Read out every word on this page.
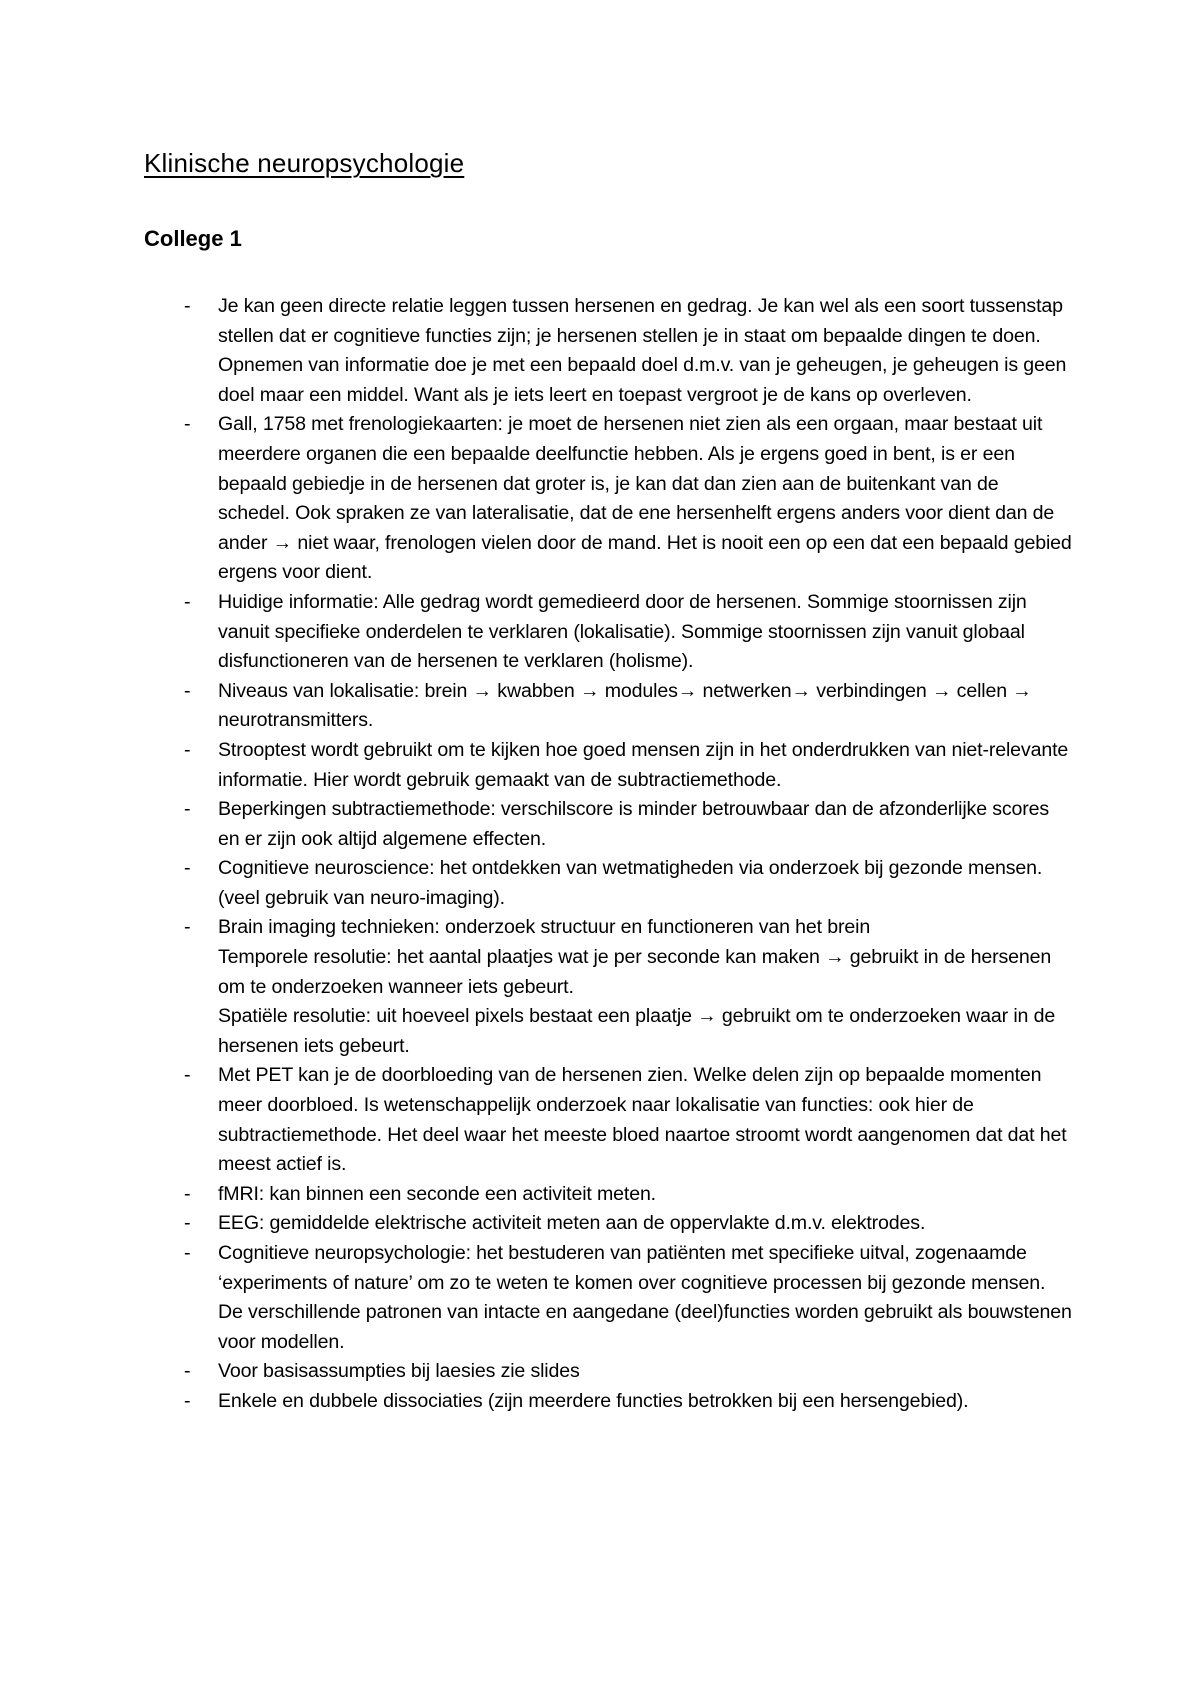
Klinische neuropsychologie
College 1
- Je kan geen directe relatie leggen tussen hersenen en gedrag. Je kan wel als een soort tussenstap stellen dat er cognitieve functies zijn; je hersenen stellen je in staat om bepaalde dingen te doen. Opnemen van informatie doe je met een bepaald doel d.m.v. van je geheugen, je geheugen is geen doel maar een middel. Want als je iets leert en toepast vergroot je de kans op overleven.
- Gall, 1758 met frenologiekaarten: je moet de hersenen niet zien als een orgaan, maar bestaat uit meerdere organen die een bepaalde deelfunctie hebben. Als je ergens goed in bent, is er een bepaald gebiedje in de hersenen dat groter is, je kan dat dan zien aan de buitenkant van de schedel. Ook spraken ze van lateralisatie, dat de ene hersenhelft ergens anders voor dient dan de ander → niet waar, frenologen vielen door de mand. Het is nooit een op een dat een bepaald gebied ergens voor dient.
- Huidige informatie: Alle gedrag wordt gemedieerd door de hersenen. Sommige stoornissen zijn vanuit specifieke onderdelen te verklaren (lokalisatie). Sommige stoornissen zijn vanuit globaal disfunctioneren van de hersenen te verklaren (holisme).
- Niveaus van lokalisatie: brein → kwabben → modules→ netwerken→ verbindingen → cellen → neurotransmitters.
- Strooptest wordt gebruikt om te kijken hoe goed mensen zijn in het onderdrukken van niet-relevante informatie. Hier wordt gebruik gemaakt van de subtractiemethode.
- Beperkingen subtractiemethode: verschilscore is minder betrouwbaar dan de afzonderlijke scores en er zijn ook altijd algemene effecten.
- Cognitieve neuroscience: het ontdekken van wetmatigheden via onderzoek bij gezonde mensen. (veel gebruik van neuro-imaging).
- Brain imaging technieken: onderzoek structuur en functioneren van het brein
Temporele resolutie: het aantal plaatjes wat je per seconde kan maken → gebruikt in de hersenen om te onderzoeken wanneer iets gebeurt.
Spatiële resolutie: uit hoeveel pixels bestaat een plaatje → gebruikt om te onderzoeken waar in de hersenen iets gebeurt.
- Met PET kan je de doorbloeding van de hersenen zien. Welke delen zijn op bepaalde momenten meer doorbloed. Is wetenschappelijk onderzoek naar lokalisatie van functies: ook hier de subtractiemethode. Het deel waar het meeste bloed naartoe stroomt wordt aangenomen dat dat het meest actief is.
- fMRI: kan binnen een seconde een activiteit meten.
- EEG: gemiddelde elektrische activiteit meten aan de oppervlakte d.m.v. elektrodes.
- Cognitieve neuropsychologie: het bestuderen van patiënten met specifieke uitval, zogenaamde ‘experiments of nature’ om zo te weten te komen over cognitieve processen bij gezonde mensen. De verschillende patronen van intacte en aangedane (deel)functies worden gebruikt als bouwstenen voor modellen.
- Voor basisassumpties bij laesies zie slides
- Enkele en dubbele dissociaties (zijn meerdere functies betrokken bij een hersengebied).
